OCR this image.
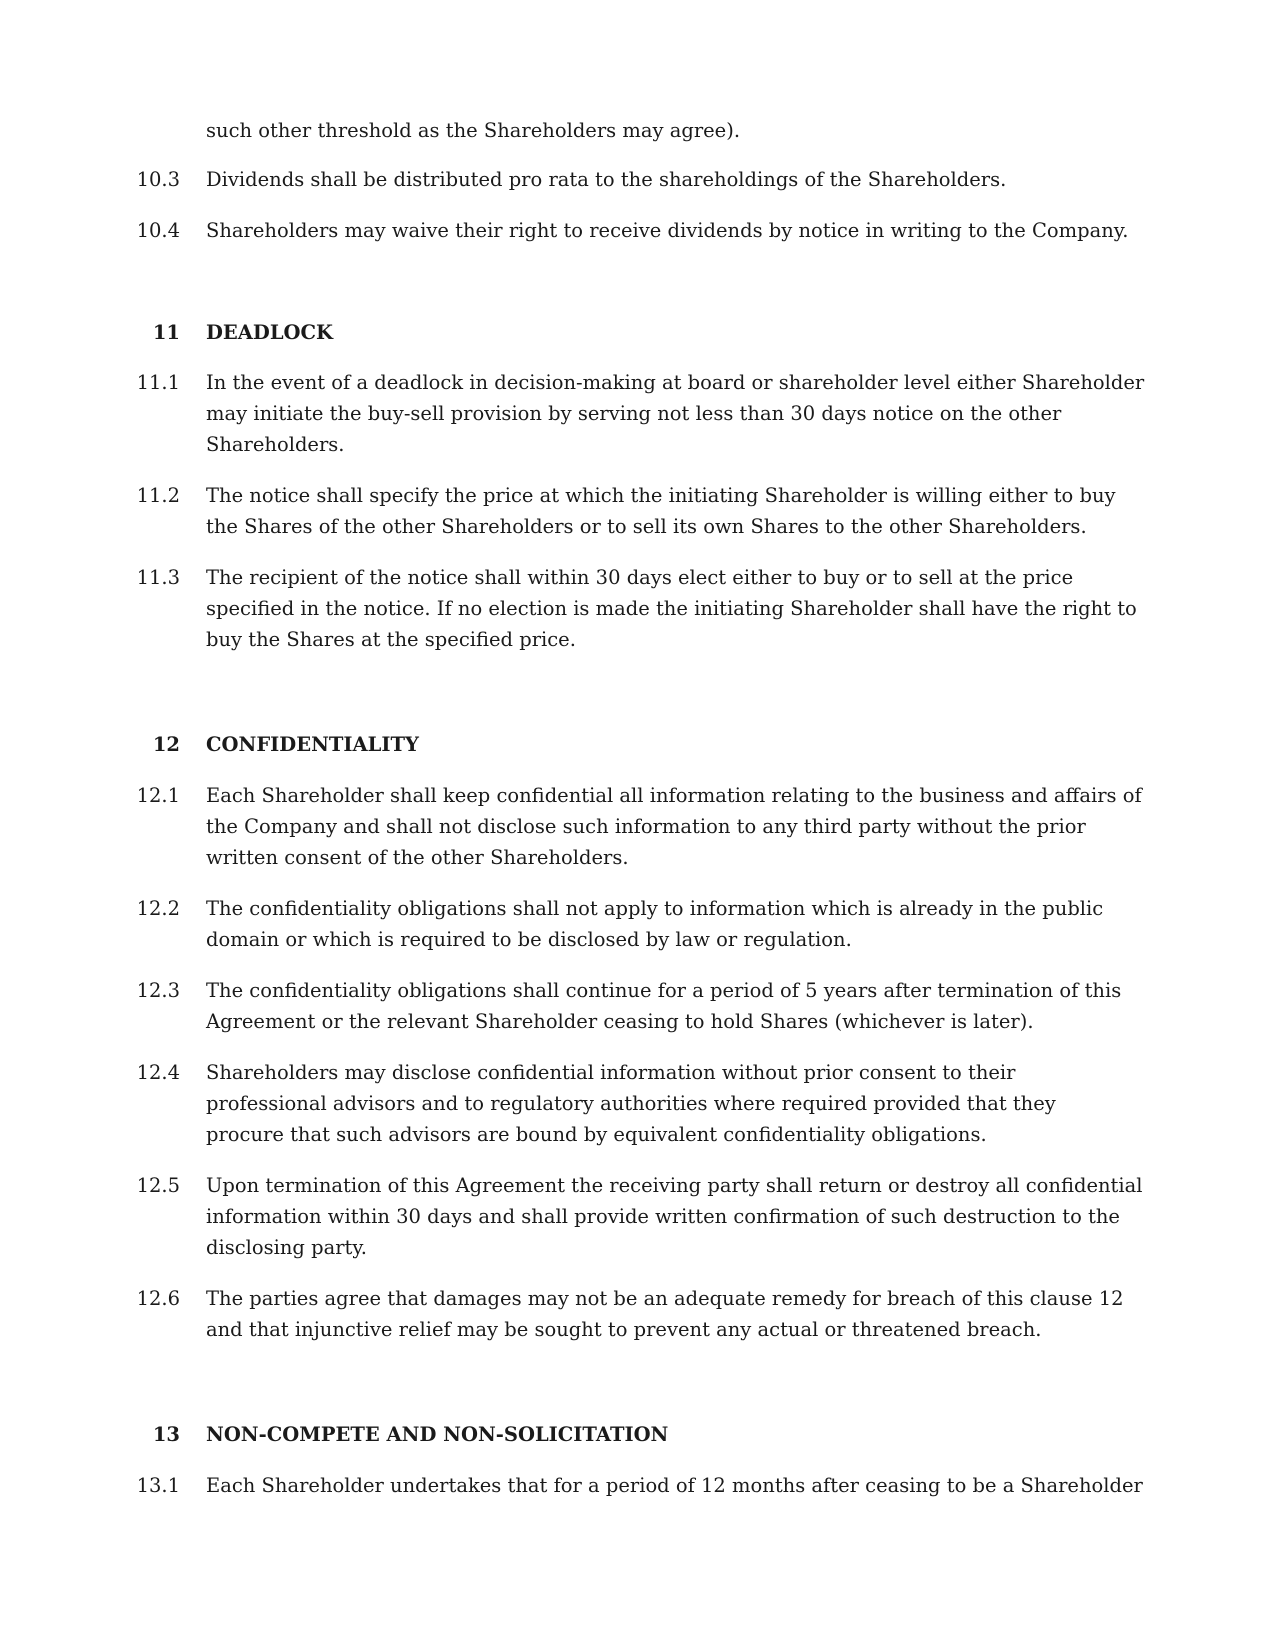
such other threshold as the Shareholders may agree).
10.3 Dividends shall be distributed pro rata to the shareholdings of the Shareholders.
10.4 Shareholders may waive their right to receive dividends by notice in writing to the Company.
11 DEADLOCK
11.1 In the event of a deadlock in decision-making at board or shareholder level either Shareholder
may initiate the buy-sell provision by serving not less than 30 days notice on the other
Shareholders.
11.2 The notice shall specify the price at which the initiating Shareholder is willing either to buy
the Shares of the other Shareholders or to sell its own Shares to the other Shareholders.
11.3 The recipient of the notice shall within 30 days elect either to buy or to sell at the price
specified in the notice. If no election is made the initiating Shareholder shall have the right to
buy the Shares at the specified price.
12 CONFIDENTIALITY
12.1 Each Shareholder shall keep confidential all information relating to the business and affairs of
the Company and shall not disclose such information to any third party without the prior
written consent of the other Shareholders.
12.2 The confidentiality obligations shall not apply to information which is already in the public
domain or which is required to be disclosed by law or regulation.
12.3 The confidentiality obligations shall continue for a period of 5 years after termination of this
Agreement or the relevant Shareholder ceasing to hold Shares (whichever is later).
12.4 Shareholders may disclose confidential information without prior consent to their
professional advisors and to regulatory authorities where required provided that they
procure that such advisors are bound by equivalent confidentiality obligations.
12.5 Upon termination of this Agreement the receiving party shall return or destroy all confidential
information within 30 days and shall provide written confirmation of such destruction to the
disclosing party.
12.6 The parties agree that damages may not be an adequate remedy for breach of this clause 12
and that injunctive relief may be sought to prevent any actual or threatened breach.
13 NON-COMPETE AND NON-SOLICITATION
13.1 Each Shareholder undertakes that for a period of 12 months after ceasing to be a Shareholder
